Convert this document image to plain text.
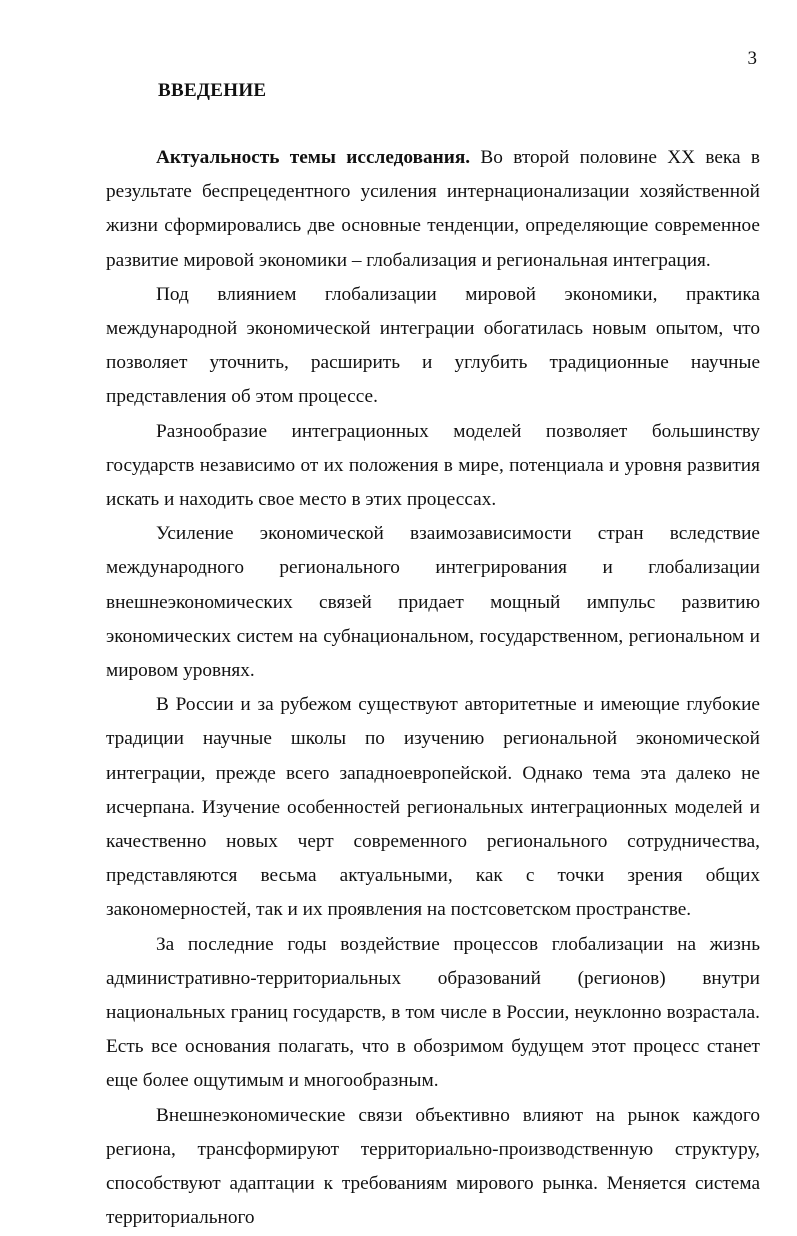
3
ВВЕДЕНИЕ

Актуальность темы исследования. Во второй половине XX века в результате беспрецедентного усиления интернационализации хозяйственной жизни сформировались две основные тенденции, определяющие современное развитие мировой экономики – глобализация и региональная интеграция.

Под влиянием глобализации мировой экономики, практика международной экономической интеграции обогатилась новым опытом, что позволяет уточнить, расширить и углубить традиционные научные представления об этом процессе.

Разнообразие интеграционных моделей позволяет большинству государств независимо от их положения в мире, потенциала и уровня развития искать и находить свое место в этих процессах.

Усиление экономической взаимозависимости стран вследствие международного регионального интегрирования и глобализации внешнеэкономических связей придает мощный импульс развитию экономических систем на субнациональном, государственном, региональном и мировом уровнях.

В России и за рубежом существуют авторитетные и имеющие глубокие традиции научные школы по изучению региональной экономической интеграции, прежде всего западноевропейской. Однако тема эта далеко не исчерпана. Изучение особенностей региональных интеграционных моделей и качественно новых черт современного регионального сотрудничества, представляются весьма актуальными, как с точки зрения общих закономерностей, так и их проявления на постсоветском пространстве.

За последние годы воздействие процессов глобализации на жизнь административно-территориальных образований (регионов) внутри национальных границ государств, в том числе в России, неуклонно возрастала. Есть все основания полагать, что в обозримом будущем этот процесс станет еще более ощутимым и многообразным.

Внешнеэкономические связи объективно влияют на рынок каждого региона, трансформируют территориально-производственную структуру, способствуют адаптации к требованиям мирового рынка. Меняется система территориального
